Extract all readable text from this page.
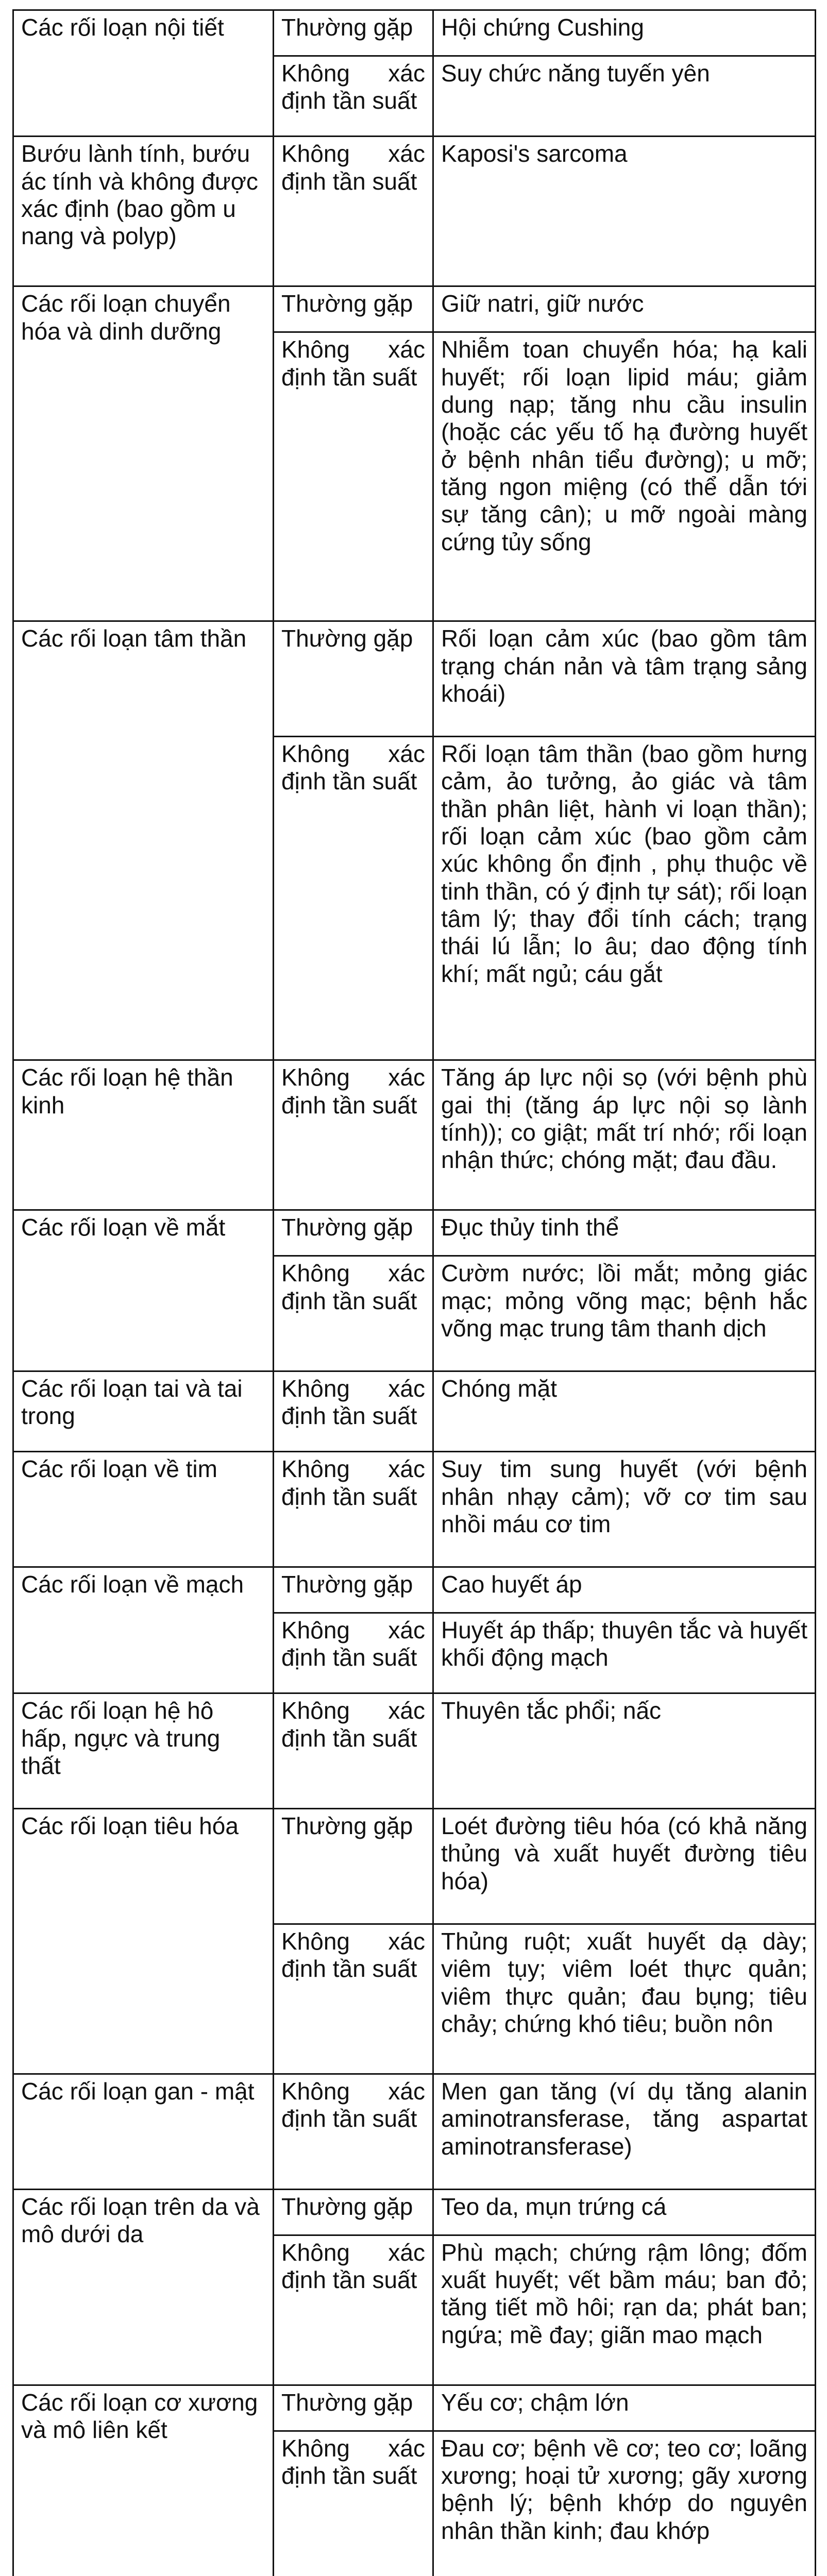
Các rối loạn nội tiết	Thường gặp	Hội chứng Cushing
	Không xác định tần suất	Suy chức năng tuyến yên
Bướu lành tính, bướu ác tính và không được xác định (bao gồm u nang và polyp)	Không xác định tần suất	Kaposi's sarcoma
Các rối loạn chuyển hóa và dinh dưỡng	Thường gặp	Giữ natri, giữ nước
	Không xác định tần suất	Nhiễm toan chuyển hóa; hạ kali huyết; rối loạn lipid máu; giảm dung nạp; tăng nhu cầu insulin (hoặc các yếu tố hạ đường huyết ở bệnh nhân tiểu đường); u mỡ; tăng ngon miệng (có thể dẫn tới sự tăng cân); u mỡ ngoài màng cứng tủy sống
Các rối loạn tâm thần	Thường gặp	Rối loạn cảm xúc (bao gồm tâm trạng chán nản và tâm trạng sảng khoái)
	Không xác định tần suất	Rối loạn tâm thần (bao gồm hưng cảm, ảo tưởng, ảo giác và tâm thần phân liệt, hành vi loạn thần); rối loạn cảm xúc (bao gồm cảm xúc không ổn định , phụ thuộc về tinh thần, có ý định tự sát); rối loạn tâm lý; thay đổi tính cách; trạng thái lú lẫn; lo âu; dao động tính khí; mất ngủ; cáu gắt
Các rối loạn hệ thần kinh	Không xác định tần suất	Tăng áp lực nội sọ (với bệnh phù gai thị (tăng áp lực nội sọ lành tính)); co giật; mất trí nhớ; rối loạn nhận thức; chóng mặt; đau đầu.
Các rối loạn về mắt	Thường gặp	Đục thủy tinh thể
	Không xác định tần suất	Cườm nước; lồi mắt; mỏng giác mạc; mỏng võng mạc; bệnh hắc võng mạc trung tâm thanh dịch
Các rối loạn tai và tai trong	Không xác định tần suất	Chóng mặt
Các rối loạn về tim	Không xác định tần suất	Suy tim sung huyết (với bệnh nhân nhạy cảm); vỡ cơ tim sau nhồi máu cơ tim
Các rối loạn về mạch	Thường gặp	Cao huyết áp
	Không xác định tần suất	Huyết áp thấp; thuyên tắc và huyết khối động mạch
Các rối loạn hệ hô hấp, ngực và trung thất	Không xác định tần suất	Thuyên tắc phổi; nấc
Các rối loạn tiêu hóa	Thường gặp	Loét đường tiêu hóa (có khả năng thủng và xuất huyết đường tiêu hóa)
	Không xác định tần suất	Thủng ruột; xuất huyết dạ dày; viêm tụy; viêm loét thực quản; viêm thực quản; đau bụng; tiêu chảy; chứng khó tiêu; buồn nôn
Các rối loạn gan - mật	Không xác định tần suất	Men gan tăng (ví dụ tăng alanin aminotransferase, tăng aspartat aminotransferase)
Các rối loạn trên da và mô dưới da	Thường gặp	Teo da, mụn trứng cá
	Không xác định tần suất	Phù mạch; chứng rậm lông; đốm xuất huyết; vết bầm máu; ban đỏ; tăng tiết mồ hôi; rạn da; phát ban; ngứa; mề đay; giãn mao mạch
Các rối loạn cơ xương và mô liên kết	Thường gặp	Yếu cơ; chậm lớn
	Không xác định tần suất	Đau cơ; bệnh về cơ; teo cơ; loãng xương; hoại tử xương; gãy xương bệnh lý; bệnh khớp do nguyên nhân thần kinh; đau khớp
